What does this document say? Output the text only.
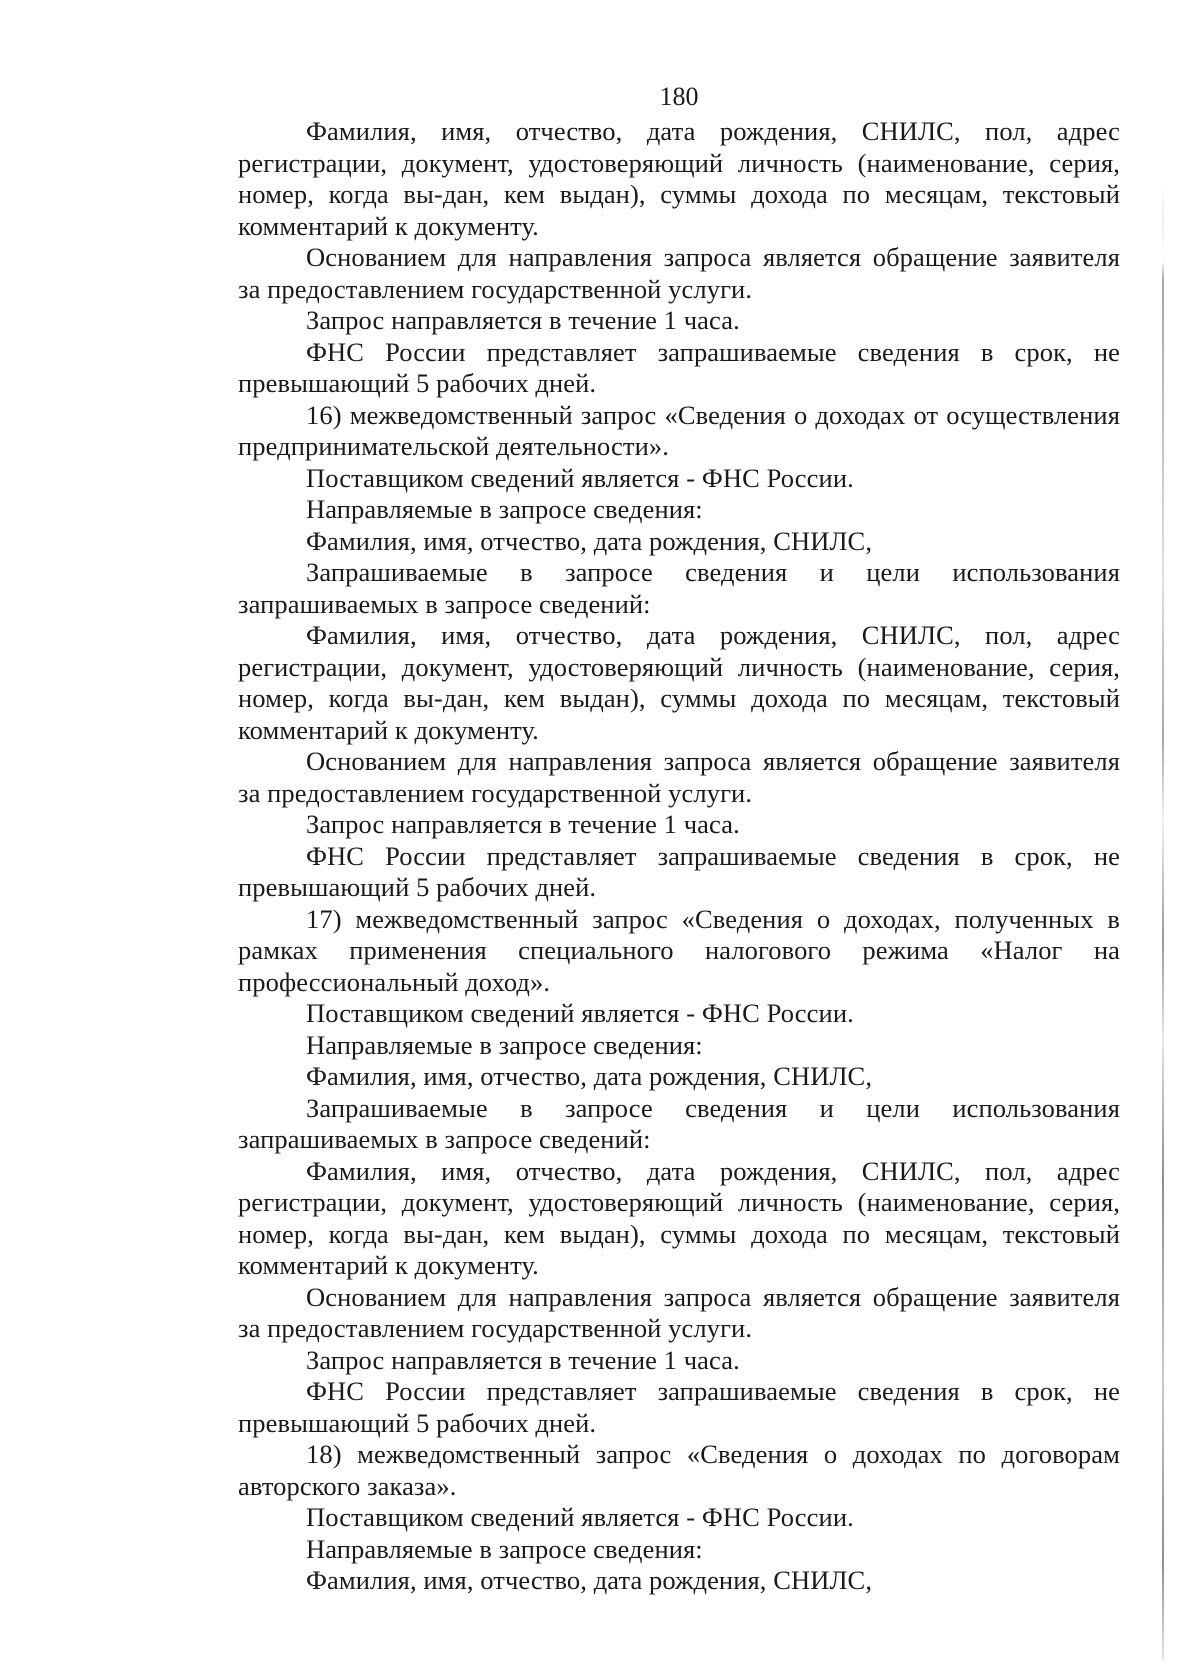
180

Фамилия, имя, отчество, дата рождения, СНИЛС, пол, адрес регистрации, документ, удостоверяющий личность (наименование, серия, номер, когда вы-дан, кем выдан), суммы дохода по месяцам, текстовый комментарий к документу.

Основанием для направления запроса является обращение заявителя за предоставлением государственной услуги.

Запрос направляется в течение 1 часа.

ФНС России представляет запрашиваемые сведения в срок, не превышающий 5 рабочих дней.

16) межведомственный запрос «Сведения о доходах от осуществления предпринимательской деятельности».

Поставщиком сведений является - ФНС России.

Направляемые в запросе сведения:

Фамилия, имя, отчество, дата рождения, СНИЛС,

Запрашиваемые в запросе сведения и цели использования запрашиваемых в запросе сведений:

Фамилия, имя, отчество, дата рождения, СНИЛС, пол, адрес регистрации, документ, удостоверяющий личность (наименование, серия, номер, когда вы-дан, кем выдан), суммы дохода по месяцам, текстовый комментарий к документу.

Основанием для направления запроса является обращение заявителя за предоставлением государственной услуги.

Запрос направляется в течение 1 часа.

ФНС России представляет запрашиваемые сведения в срок, не превышающий 5 рабочих дней.

17) межведомственный запрос «Сведения о доходах, полученных в рамках применения специального налогового режима «Налог на профессиональный доход».

Поставщиком сведений является - ФНС России.

Направляемые в запросе сведения:

Фамилия, имя, отчество, дата рождения, СНИЛС,

Запрашиваемые в запросе сведения и цели использования запрашиваемых в запросе сведений:

Фамилия, имя, отчество, дата рождения, СНИЛС, пол, адрес регистрации, документ, удостоверяющий личность (наименование, серия, номер, когда вы-дан, кем выдан), суммы дохода по месяцам, текстовый комментарий к документу.

Основанием для направления запроса является обращение заявителя за предоставлением государственной услуги.

Запрос направляется в течение 1 часа.

ФНС России представляет запрашиваемые сведения в срок, не превышающий 5 рабочих дней.

18) межведомственный запрос «Сведения о доходах по договорам авторского заказа».

Поставщиком сведений является - ФНС России.

Направляемые в запросе сведения:

Фамилия, имя, отчество, дата рождения, СНИЛС,
